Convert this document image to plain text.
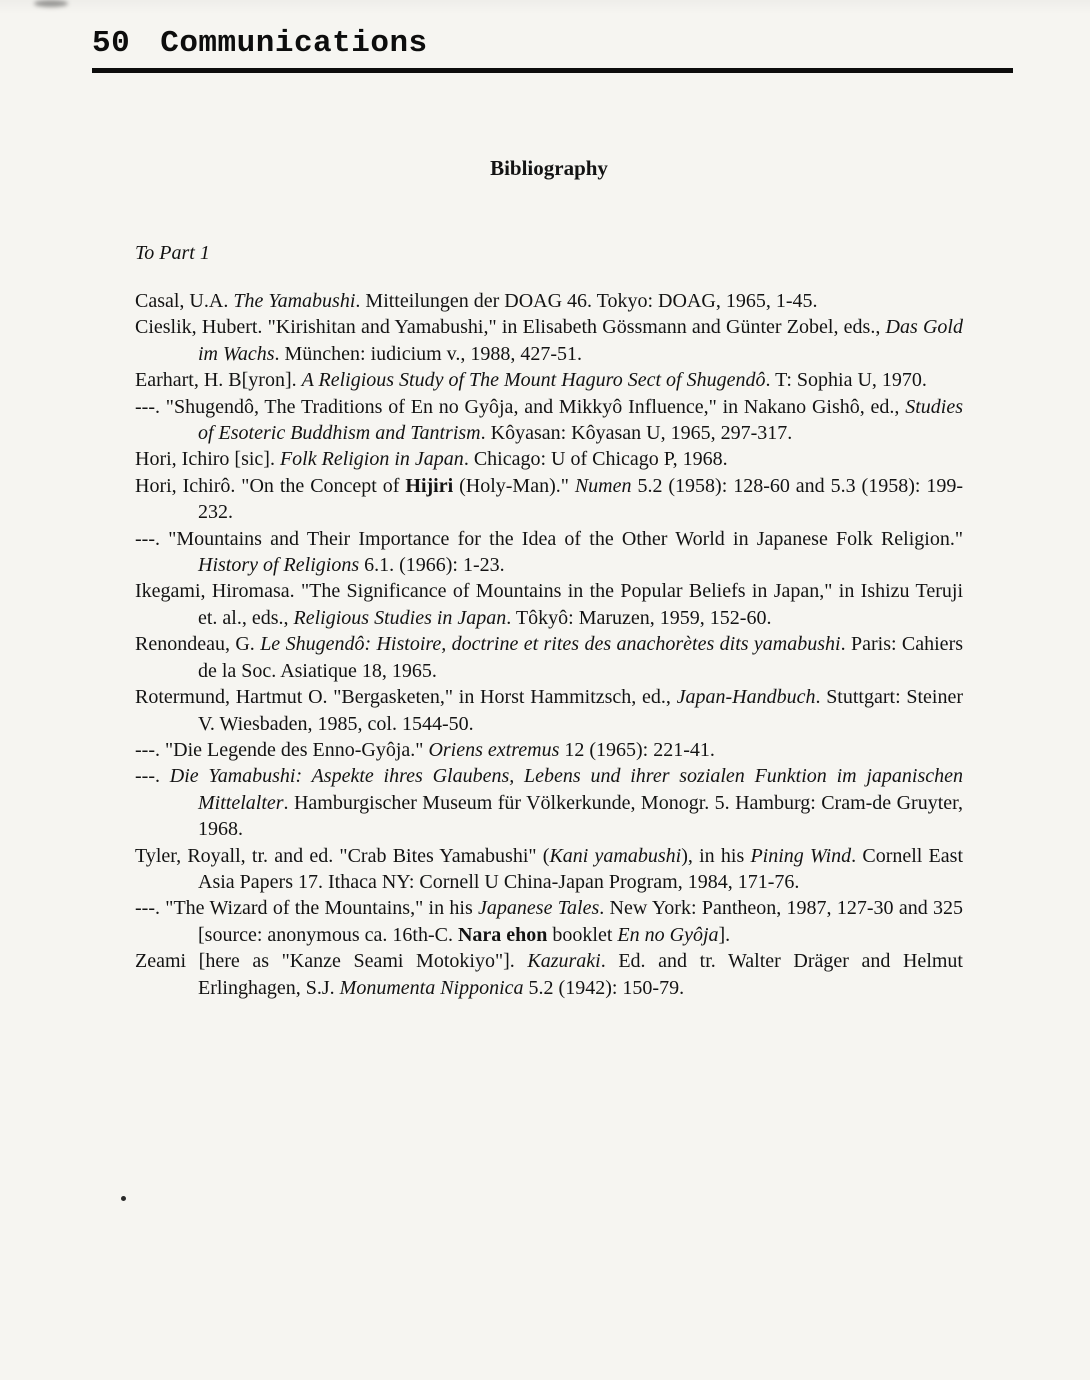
50 Communications
Bibliography

To Part 1

Casal, U.A. The Yamabushi. Mitteilungen der DOAG 46. Tokyo: DOAG, 1965, 1-45.

Cieslik, Hubert. "Kirishitan and Yamabushi," in Elisabeth Gössmann and Günter Zobel, eds., Das Gold im Wachs. München: iudicium v., 1988, 427-51.

Earhart, H. B[yron]. A Religious Study of The Mount Haguro Sect of Shugendô. T: Sophia U, 1970.

---. "Shugendô, The Traditions of En no Gyôja, and Mikkyô Influence," in Nakano Gishô, ed., Studies of Esoteric Buddhism and Tantrism. Kôyasan: Kôyasan U, 1965, 297-317.

Hori, Ichiro [sic]. Folk Religion in Japan. Chicago: U of Chicago P, 1968.

Hori, Ichirô. "On the Concept of Hijiri (Holy-Man)." Numen 5.2 (1958): 128-60 and 5.3 (1958): 199-232.

---. "Mountains and Their Importance for the Idea of the Other World in Japanese Folk Religion." History of Religions 6.1. (1966): 1-23.

Ikegami, Hiromasa. "The Significance of Mountains in the Popular Beliefs in Japan," in Ishizu Teruji et. al., eds., Religious Studies in Japan. Tôkyô: Maruzen, 1959, 152-60.

Renondeau, G. Le Shugendô: Histoire, doctrine et rites des anachorètes dits yamabushi. Paris: Cahiers de la Soc. Asiatique 18, 1965.

Rotermund, Hartmut O. "Bergasketen," in Horst Hammitzsch, ed., Japan-Handbuch. Stuttgart: Steiner V. Wiesbaden, 1985, col. 1544-50.

---. "Die Legende des Enno-Gyôja." Oriens extremus 12 (1965): 221-41.

---. Die Yamabushi: Aspekte ihres Glaubens, Lebens und ihrer sozialen Funktion im japanischen Mittelalter. Hamburgischer Museum für Völkerkunde, Monogr. 5. Hamburg: Cram-de Gruyter, 1968.

Tyler, Royall, tr. and ed. "Crab Bites Yamabushi" (Kani yamabushi), in his Pining Wind. Cornell East Asia Papers 17. Ithaca NY: Cornell U China-Japan Program, 1984, 171-76.

---. "The Wizard of the Mountains," in his Japanese Tales. New York: Pantheon, 1987, 127-30 and 325 [source: anonymous ca. 16th-C. Nara ehon booklet En no Gyôja].

Zeami [here as "Kanze Seami Motokiyo"]. Kazuraki. Ed. and tr. Walter Dräger and Helmut Erlinghagen, S.J. Monumenta Nipponica 5.2 (1942): 150-79.
